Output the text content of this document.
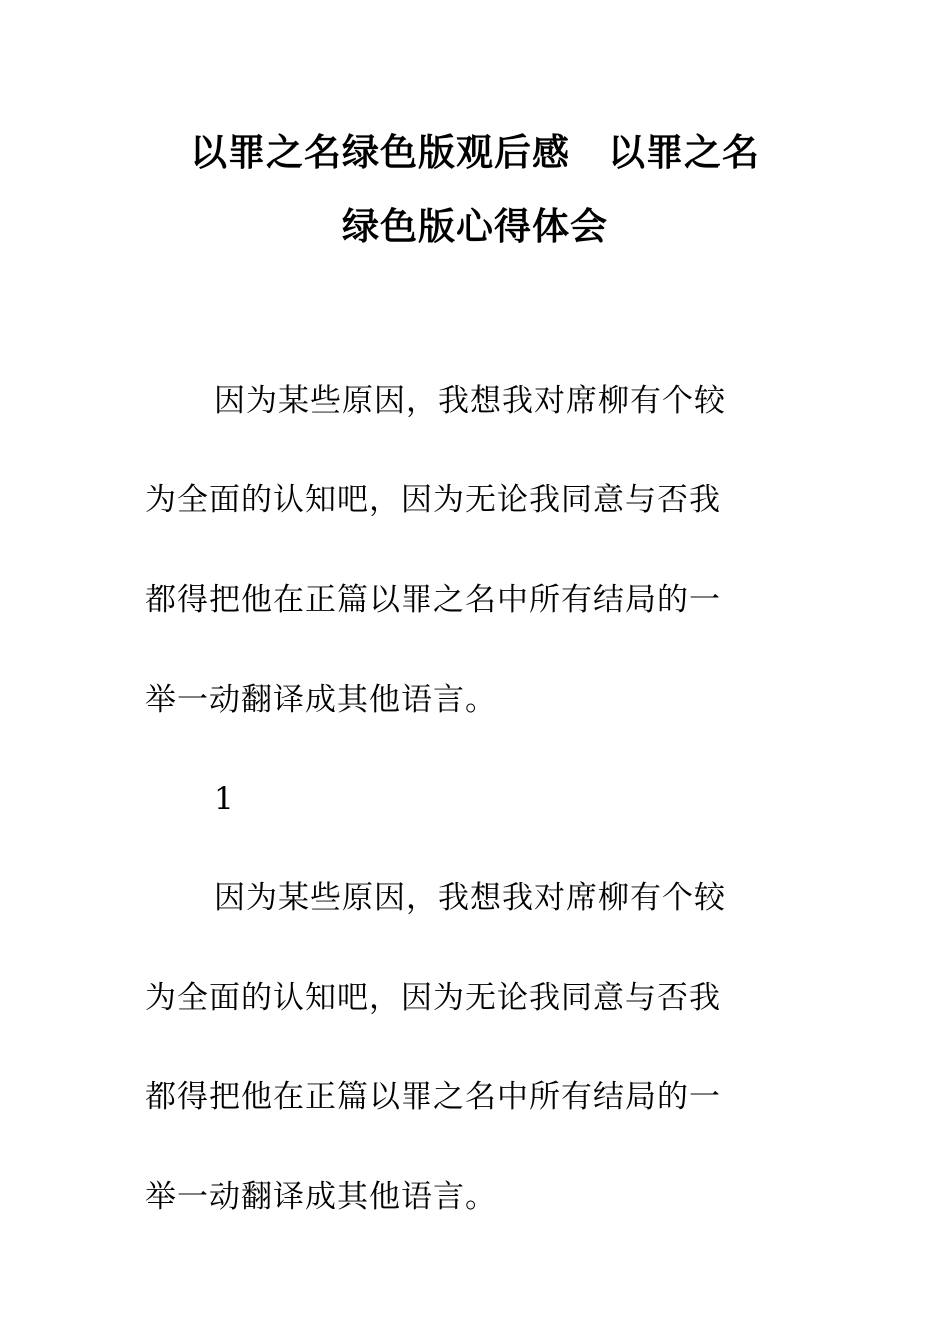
以罪之名绿色版观后感 以罪之名
绿色版心得体会
因为某些原因，我想我对席柳有个较
为全面的认知吧，因为无论我同意与否我
都得把他在正篇以罪之名中所有结局的一
举一动翻译成其他语言。
1
因为某些原因，我想我对席柳有个较
为全面的认知吧，因为无论我同意与否我
都得把他在正篇以罪之名中所有结局的一
举一动翻译成其他语言。
